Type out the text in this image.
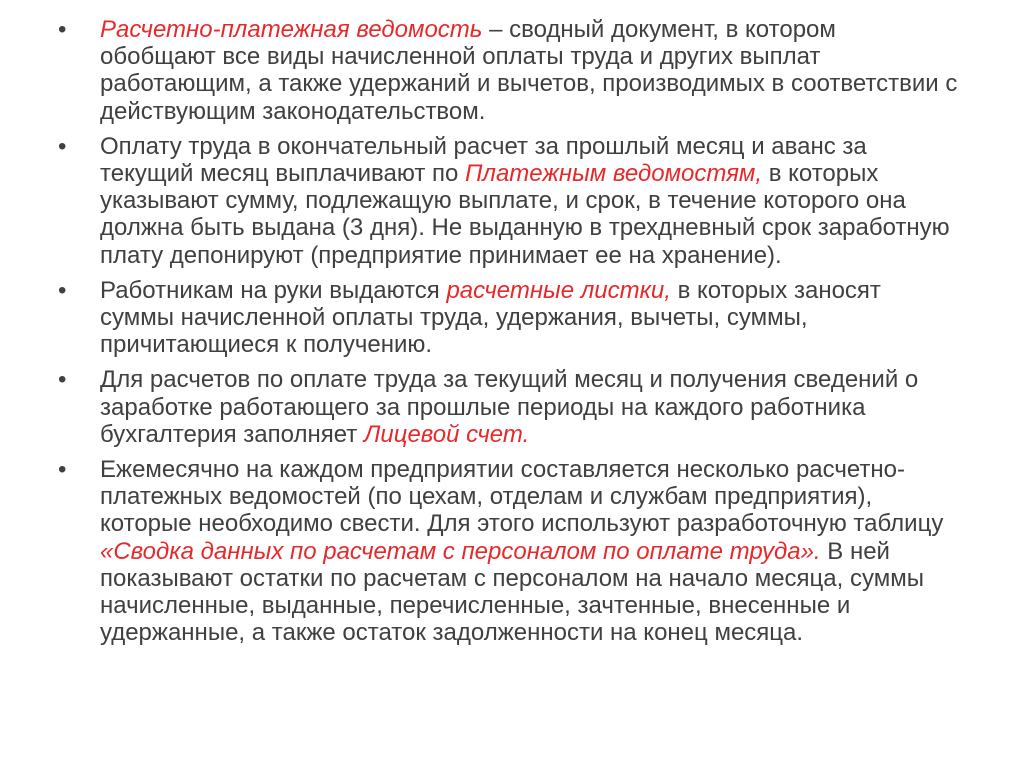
•	Расчетно-платежная ведомость – сводный документ, в котором обобщают все виды начисленной оплаты труда и других выплат работающим, а также удержаний и вычетов, производимых в соответствии с действующим законодательством.
•	Оплату труда в окончательный расчет за прошлый месяц и аванс за текущий месяц выплачивают по Платежным ведомостям, в которых указывают сумму, подлежащую выплате, и срок, в течение которого она должна быть выдана (3 дня). Не выданную в трехдневный срок заработную плату депонируют (предприятие принимает ее на хранение).
•	Работникам на руки выдаются расчетные листки, в которых заносят суммы начисленной оплаты труда, удержания, вычеты, суммы, причитающиеся к получению.
•	Для расчетов по оплате труда за текущий месяц и получения сведений о заработке работающего за прошлые периоды на каждого работника бухгалтерия заполняет Лицевой счет.
•	Ежемесячно на каждом предприятии составляется несколько расчетно-платежных ведомостей (по цехам, отделам и службам предприятия), которые необходимо свести. Для этого используют разработочную таблицу «Сводка данных по расчетам с персоналом по оплате труда». В ней показывают остатки по расчетам с персоналом на начало месяца, суммы начисленные, выданные, перечисленные, зачтенные, внесенные и удержанные, а также остаток задолженности на конец месяца.
